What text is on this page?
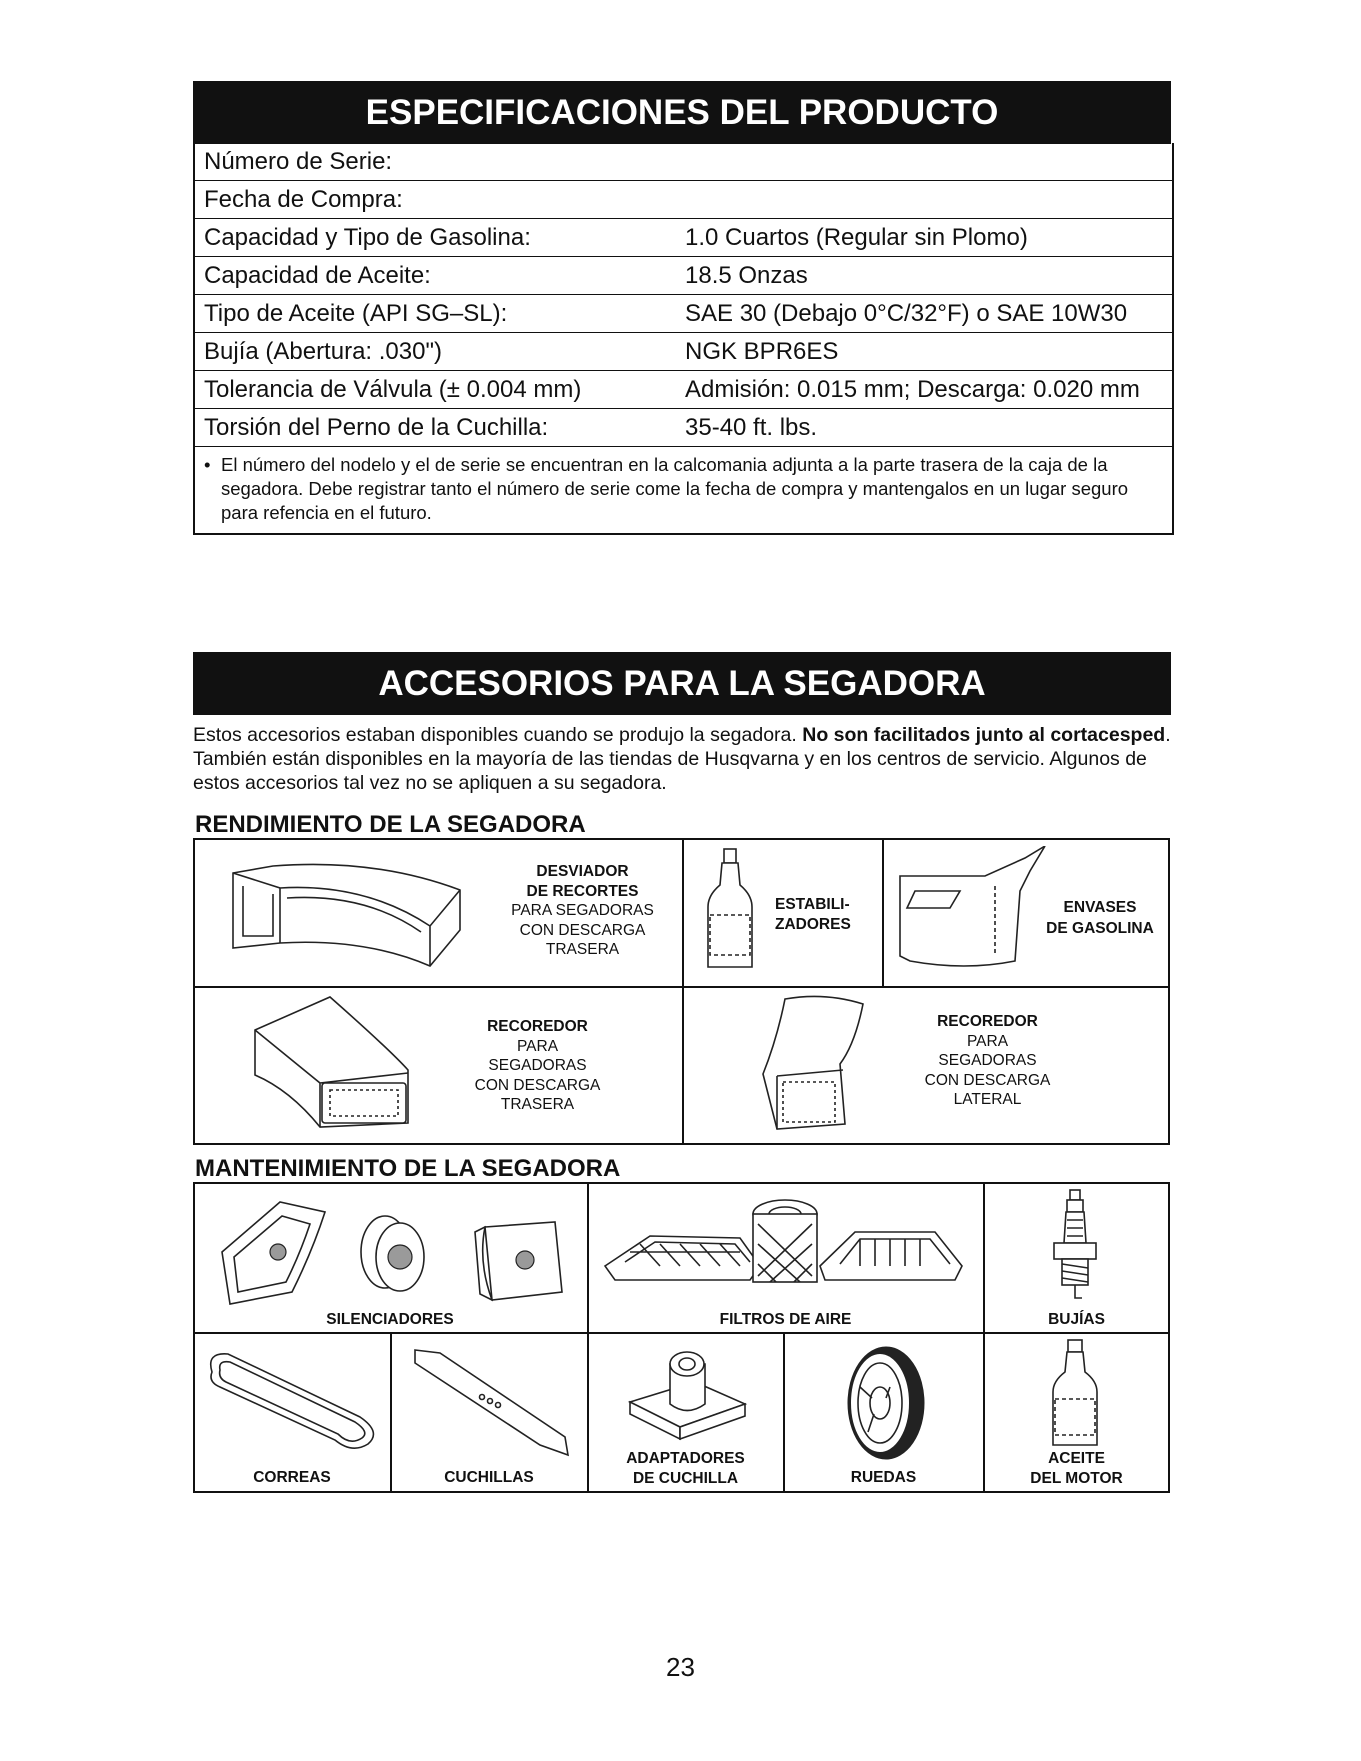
ESPECIFICACIONES DEL PRODUCTO
Número de Serie:
Fecha de Compra:
Capacidad y Tipo de Gasolina:	1.0 Cuartos (Regular sin Plomo)
Capacidad de Aceite:	18.5 Onzas
Tipo de Aceite (API SG–SL):	SAE 30 (Debajo 0°C/32°F) o SAE 10W30
Bujía (Abertura: .030")	NGK BPR6ES
Tolerancia de Válvula (± 0.004 mm)	Admisión: 0.015 mm; Descarga: 0.020 mm
Torsión del Perno de la Cuchilla:	35-40 ft. lbs.
• El número del nodelo y el de serie se encuentran en la calcomania adjunta a la parte trasera de la caja de la segadora. Debe registrar tanto el número de serie come la fecha de compra y mantengalos en un lugar seguro para refencia en el futuro.
ACCESORIOS PARA LA SEGADORA
Estos accesorios estaban disponibles cuando se produjo la segadora. No son facilitados junto al cortacesped. También están disponibles en la mayoría de las tiendas de Husqvarna y en los centros de servicio. Algunos de estos accesorios tal vez no se apliquen a su segadora.
RENDIMIENTO DE LA SEGADORA
DESVIADOR
DE RECORTES
PARA SEGADORAS
CON DESCARGA
TRASERA
ESTABILI-
ZADORES
ENVASES
DE GASOLINA
RECOREDOR
PARA
SEGADORAS
CON DESCARGA
TRASERA
RECOREDOR
PARA
SEGADORAS
CON DESCARGA
LATERAL
MANTENIMIENTO DE LA SEGADORA
SILENCIADORES	FILTROS DE AIRE	BUJÍAS
CORREAS	CUCHILLAS
ADAPTADORES
DE CUCHILLA	RUEDAS
ACEITE
DEL MOTOR
23
